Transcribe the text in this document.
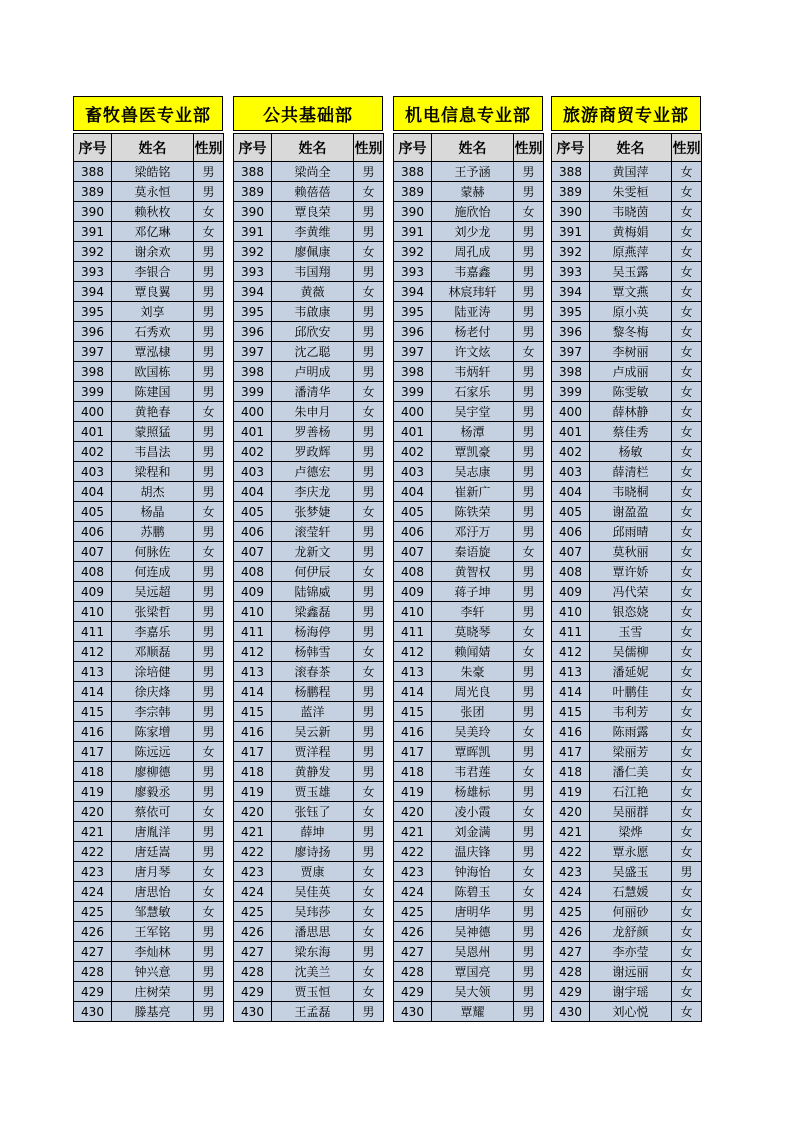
畜牧兽医专业部
序号	姓名	性别
388	梁皓铭	男
389	莫永恒	男
390	赖秋枚	女
391	邓亿琳	女
392	谢余欢	男
393	李银合	男
394	覃良翼	男
395	刘享	男
396	石秀欢	男
397	覃泓棣	男
398	欧国栋	男
399	陈建国	男
400	黄艳春	女
401	蒙照猛	男
402	韦昌法	男
403	梁程和	男
404	胡杰	男
405	杨晶	女
406	苏鹏	男
407	何脉佐	女
408	何连成	男
409	吴远超	男
410	张梁哲	男
411	李嘉乐	男
412	邓顺磊	男
413	涂培健	男
414	徐庆烽	男
415	李宗韩	男
416	陈家增	男
417	陈远远	女
418	廖柳德	男
419	廖毅丞	男
420	蔡依可	女
421	唐胤洋	男
422	唐廷嵩	男
423	唐月琴	女
424	唐思怡	女
425	邹慧敏	女
426	王军铭	男
427	李灿林	男
428	钟兴意	男
429	庄树荣	男
430	滕基亮	男
公共基础部
序号	姓名	性别
388	梁尚全	男
389	赖蓓蓓	女
390	覃良荣	男
391	李黄维	男
392	廖佩康	女
393	韦国翔	男
394	黄薇	女
395	韦啟康	男
396	邱欣安	男
397	沈乙聪	男
398	卢明成	男
399	潘清华	女
400	朱申月	女
401	罗善杨	男
402	罗政辉	男
403	卢德宏	男
404	李庆龙	男
405	张梦婕	女
406	滚莹轩	男
407	龙新文	男
408	何伊辰	女
409	陆锦威	男
410	梁鑫磊	男
411	杨海停	男
412	杨韩雪	女
413	滚春茶	女
414	杨鹏程	男
415	蓝洋	男
416	吴云新	男
417	贾洋程	男
418	黄静发	男
419	贾玉雄	女
420	张钰了	女
421	薛坤	男
422	廖诗扬	男
423	贾康	女
424	吴佳英	女
425	吴玮莎	女
426	潘思思	女
427	梁东海	男
428	沈美兰	女
429	贾玉恒	女
430	王孟磊	男
机电信息专业部
序号	姓名	性别
388	王予涵	男
389	蒙赫	男
390	施欣怡	女
391	刘少龙	男
392	周孔成	男
393	韦嘉鑫	男
394	林宸玮轩	男
395	陆亚涛	男
396	杨老付	男
397	许文炫	女
398	韦炳轩	男
399	石家乐	男
400	吴宇堂	男
401	杨潭	男
402	覃凯豪	男
403	吴志康	男
404	崔新广	男
405	陈铁荣	男
406	邓汙万	男
407	秦语旋	女
408	黄智权	男
409	蒋子坤	男
410	李轩	男
411	莫晓琴	女
412	赖闻婧	女
413	朱豪	男
414	周光良	男
415	张团	男
416	吴美玲	女
417	覃晖凯	男
418	韦君莲	女
419	杨雄标	男
420	凌小霞	女
421	刘金满	男
422	温庆锋	男
423	钟海怡	女
424	陈碧玉	女
425	唐明华	男
426	吴神德	男
427	吴恩州	男
428	覃国亮	男
429	吴大领	男
430	覃耀	男
旅游商贸专业部
序号	姓名	性别
388	黄国萍	女
389	朱雯桓	女
390	韦晓茵	女
391	黄梅娟	女
392	原燕萍	女
393	吴玉露	女
394	覃文燕	女
395	原小英	女
396	黎冬梅	女
397	李树丽	女
398	卢成丽	女
399	陈雯敏	女
400	薛林静	女
401	蔡佳秀	女
402	杨敏	女
403	薛清栏	女
404	韦晓桐	女
405	谢盈盈	女
406	邱雨晴	女
407	莫秋丽	女
408	覃许娇	女
409	冯代荣	女
410	银恣娆	女
411	玉雪	女
412	吴儒柳	女
413	潘延妮	女
414	叶鹏佳	女
415	韦利芳	女
416	陈雨露	女
417	梁丽芳	女
418	潘仁美	女
419	石江艳	女
420	吴丽群	女
421	梁烨	女
422	覃永愿	女
423	吴盛玉	男
424	石慧媛	女
425	何丽砂	女
426	龙舒颜	女
427	李亦莹	女
428	谢远丽	女
429	谢宇瑶	女
430	刘心悦	女
